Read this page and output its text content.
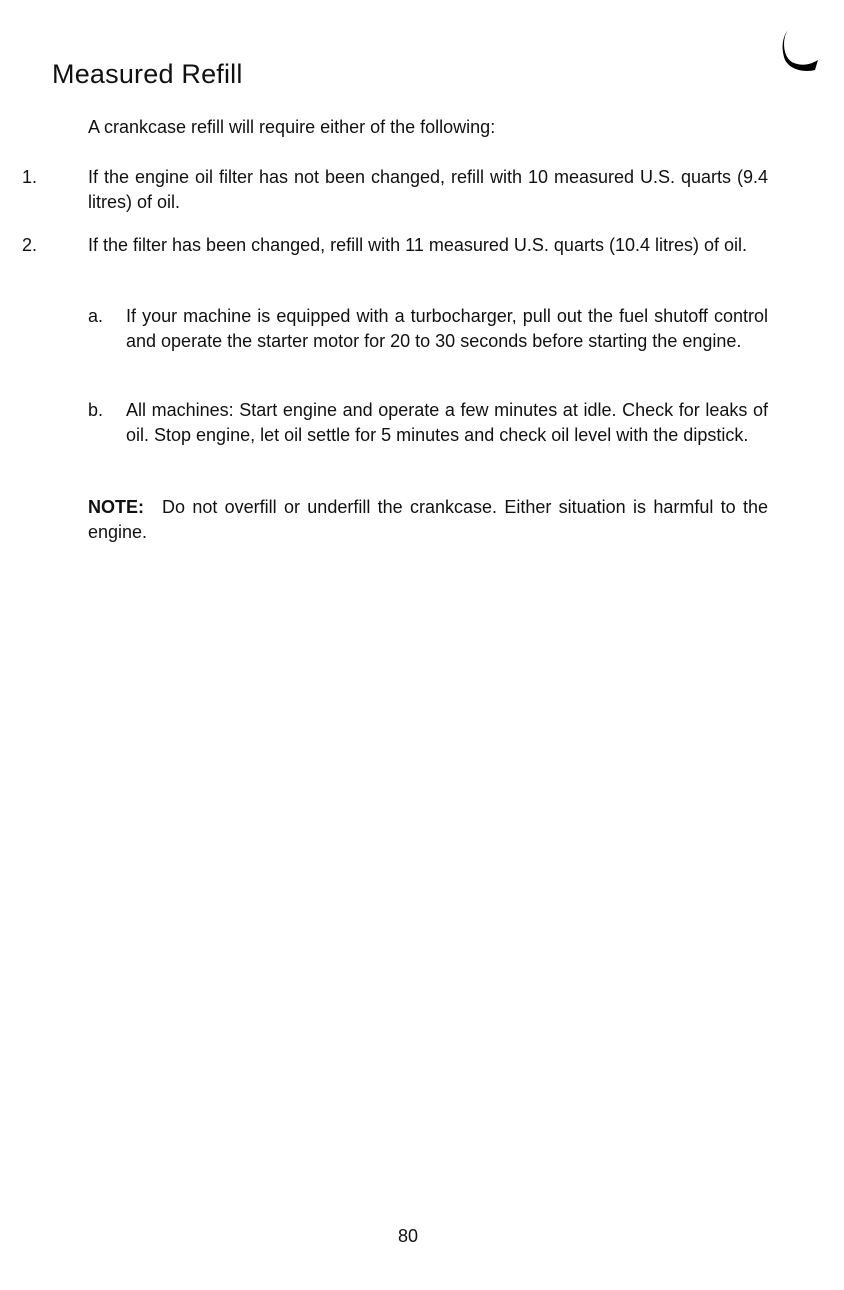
Measured Refill

A crankcase refill will require either of the following:

1.	If the engine oil filter has not been changed, refill with 10 measured U.S. quarts (9.4 litres) of oil.

2.	If the filter has been changed, refill with 11 measured U.S. quarts (10.4 litres) of oil.

a.	If your machine is equipped with a turbocharger, pull out the fuel shutoff control and operate the starter motor for 20 to 30 seconds before starting the engine.

b.	All machines: Start engine and operate a few minutes at idle. Check for leaks of oil. Stop engine, let oil settle for 5 minutes and check oil level with the dipstick.

NOTE: Do not overfill or underfill the crankcase. Either situation is harmful to the engine.

80
